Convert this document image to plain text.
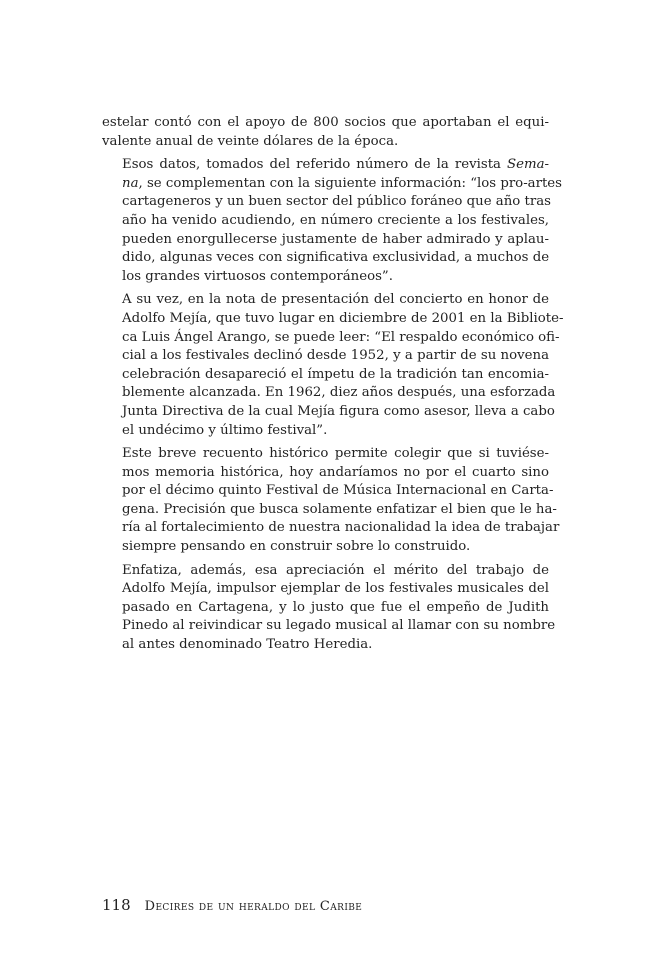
estelar contó con el apoyo de 800 socios que aportaban el equi-
valente anual de veinte dólares de la época.

Esos datos, tomados del referido número de la revista Sema-
na, se complementan con la siguiente información: “los pro-artes
cartageneros y un buen sector del público foráneo que año tras
año ha venido acudiendo, en número creciente a los festivales,
pueden enorgullecerse justamente de haber admirado y aplau-
dido, algunas veces con significativa exclusividad, a muchos de
los grandes virtuosos contemporáneos”.

A su vez, en la nota de presentación del concierto en honor de
Adolfo Mejía, que tuvo lugar en diciembre de 2001 en la Bibliote-
ca Luis Ángel Arango, se puede leer: “El respaldo económico ofi-
cial a los festivales declinó desde 1952, y a partir de su novena
celebración desapareció el ímpetu de la tradición tan encomia-
blemente alcanzada. En 1962, diez años después, una esforzada
Junta Directiva de la cual Mejía figura como asesor, lleva a cabo
el undécimo y último festival”.

Este breve recuento histórico permite colegir que si tuviése-
mos memoria histórica, hoy andaríamos no por el cuarto sino
por el décimo quinto Festival de Música Internacional en Carta-
gena. Precisión que busca solamente enfatizar el bien que le ha-
ría al fortalecimiento de nuestra nacionalidad la idea de trabajar
siempre pensando en construir sobre lo construido.

Enfatiza, además, esa apreciación el mérito del trabajo de
Adolfo Mejía, impulsor ejemplar de los festivales musicales del
pasado en Cartagena, y lo justo que fue el empeño de Judith
Pinedo al reivindicar su legado musical al llamar con su nombre
al antes denominado Teatro Heredia.

118 Decires de un heraldo del Caribe
